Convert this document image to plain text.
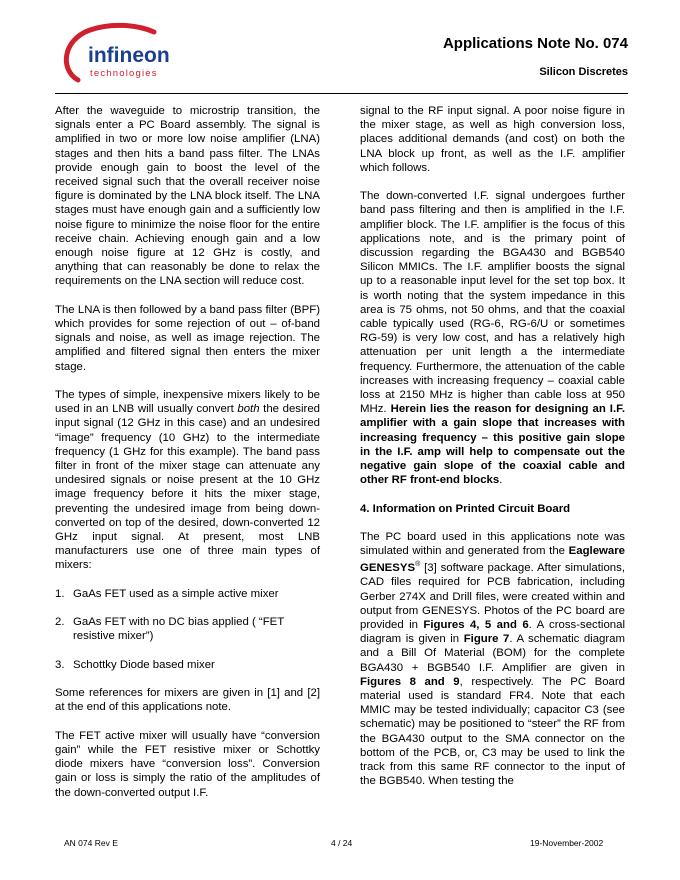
infineon
technologies
Applications Note No. 074
Silicon Discretes

After the waveguide to microstrip transition, the signals enter a PC Board assembly. The signal is amplified in two or more low noise amplifier (LNA) stages and then hits a band pass filter. The LNAs provide enough gain to boost the level of the received signal such that the overall receiver noise figure is dominated by the LNA block itself. The LNA stages must have enough gain and a sufficiently low noise figure to minimize the noise floor for the entire receive chain. Achieving enough gain and a low enough noise figure at 12 GHz is costly, and anything that can reasonably be done to relax the requirements on the LNA section will reduce cost.

The LNA is then followed by a band pass filter (BPF) which provides for some rejection of out – of-band signals and noise, as well as image rejection. The amplified and filtered signal then enters the mixer stage.

The types of simple, inexpensive mixers likely to be used in an LNB will usually convert both the desired input signal (12 GHz in this case) and an undesired “image” frequency (10 GHz) to the intermediate frequency (1 GHz for this example). The band pass filter in front of the mixer stage can attenuate any undesired signals or noise present at the 10 GHz image frequency before it hits the mixer stage, preventing the undesired image from being down-converted on top of the desired, down-converted 12 GHz input signal. At present, most LNB manufacturers use one of three main types of mixers:

1. GaAs FET used as a simple active mixer
2. GaAs FET with no DC bias applied ( “FET resistive mixer”)
3. Schottky Diode based mixer

Some references for mixers are given in [1] and [2] at the end of this applications note.

The FET active mixer will usually have “conversion gain” while the FET resistive mixer or Schottky diode mixers have “conversion loss”. Conversion gain or loss is simply the ratio of the amplitudes of the down-converted output I.F.

signal to the RF input signal. A poor noise figure in the mixer stage, as well as high conversion loss, places additional demands (and cost) on both the LNA block up front, as well as the I.F. amplifier which follows.

The down-converted I.F. signal undergoes further band pass filtering and then is amplified in the I.F. amplifier block. The I.F. amplifier is the focus of this applications note, and is the primary point of discussion regarding the BGA430 and BGB540 Silicon MMICs. The I.F. amplifier boosts the signal up to a reasonable input level for the set top box. It is worth noting that the system impedance in this area is 75 ohms, not 50 ohms, and that the coaxial cable typically used (RG-6, RG-6/U or sometimes RG-59) is very low cost, and has a relatively high attenuation per unit length a the intermediate frequency. Furthermore, the attenuation of the cable increases with increasing frequency – coaxial cable loss at 2150 MHz is higher than cable loss at 950 MHz. Herein lies the reason for designing an I.F. amplifier with a gain slope that increases with increasing frequency – this positive gain slope in the I.F. amp will help to compensate out the negative gain slope of the coaxial cable and other RF front-end blocks.

4. Information on Printed Circuit Board

The PC board used in this applications note was simulated within and generated from the Eagleware GENESYS® [3] software package. After simulations, CAD files required for PCB fabrication, including Gerber 274X and Drill files, were created within and output from GENESYS. Photos of the PC board are provided in Figures 4, 5 and 6. A cross-sectional diagram is given in Figure 7. A schematic diagram and a Bill Of Material (BOM) for the complete BGA430 + BGB540 I.F. Amplifier are given in Figures 8 and 9, respectively. The PC Board material used is standard FR4. Note that each MMIC may be tested individually; capacitor C3 (see schematic) may be positioned to “steer” the RF from the BGA430 output to the SMA connector on the bottom of the PCB, or, C3 may be used to link the track from this same RF connector to the input of the BGB540. When testing the

AN 074 Rev E	4 / 24	19-November-2002
